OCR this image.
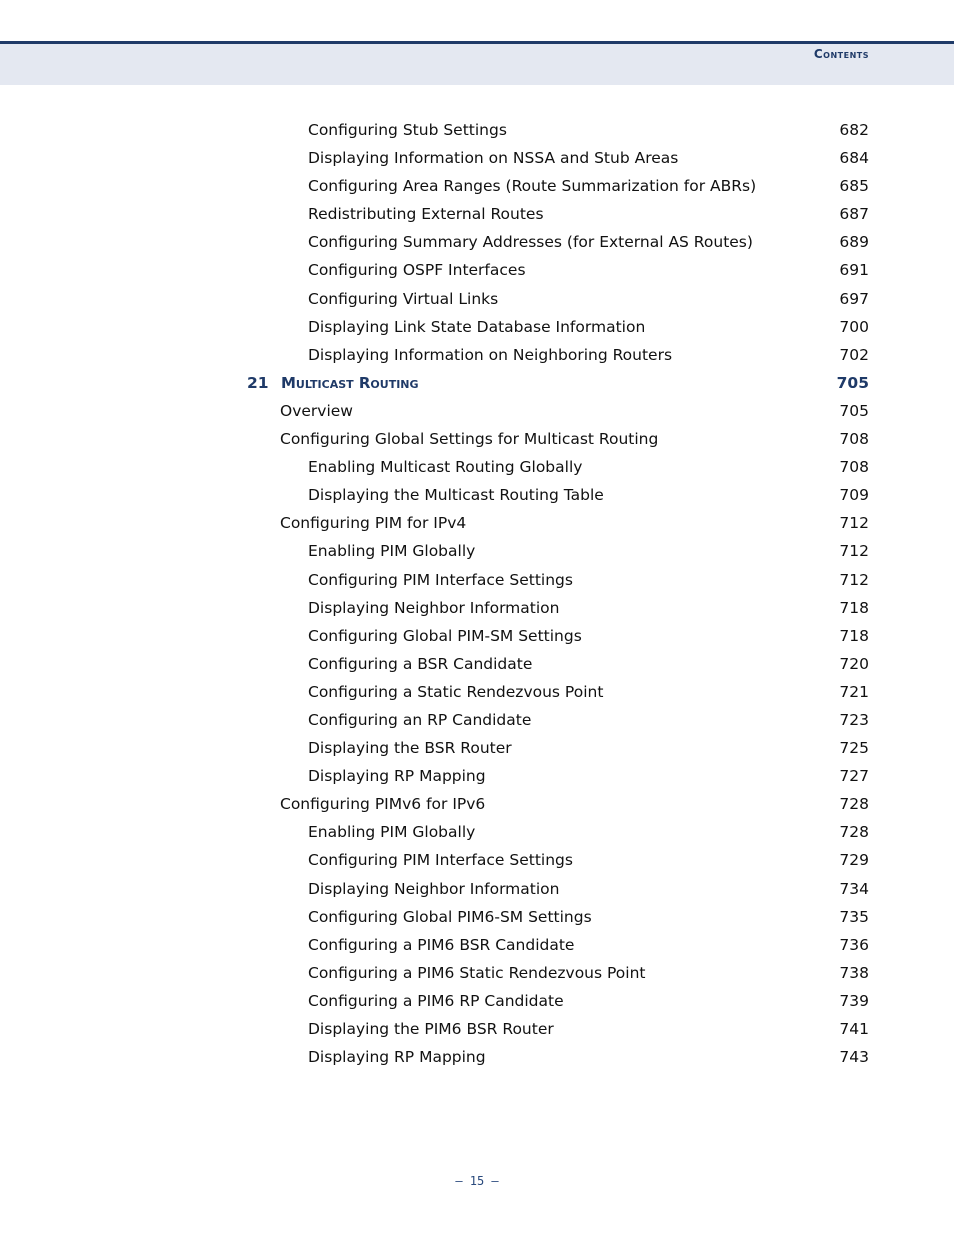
Contents
Configuring Stub Settings	682
Displaying Information on NSSA and Stub Areas	684
Configuring Area Ranges (Route Summarization for ABRs)	685
Redistributing External Routes	687
Configuring Summary Addresses (for External AS Routes)	689
Configuring OSPF Interfaces	691
Configuring Virtual Links	697
Displaying Link State Database Information	700
Displaying Information on Neighboring Routers	702
21 Multicast Routing	705
Overview	705
Configuring Global Settings for Multicast Routing	708
Enabling Multicast Routing Globally	708
Displaying the Multicast Routing Table	709
Configuring PIM for IPv4	712
Enabling PIM Globally	712
Configuring PIM Interface Settings	712
Displaying Neighbor Information	718
Configuring Global PIM-SM Settings	718
Configuring a BSR Candidate	720
Configuring a Static Rendezvous Point	721
Configuring an RP Candidate	723
Displaying the BSR Router	725
Displaying RP Mapping	727
Configuring PIMv6 for IPv6	728
Enabling PIM Globally	728
Configuring PIM Interface Settings	729
Displaying Neighbor Information	734
Configuring Global PIM6-SM Settings	735
Configuring a PIM6 BSR Candidate	736
Configuring a PIM6 Static Rendezvous Point	738
Configuring a PIM6 RP Candidate	739
Displaying the PIM6 BSR Router	741
Displaying RP Mapping	743
– 15 –
